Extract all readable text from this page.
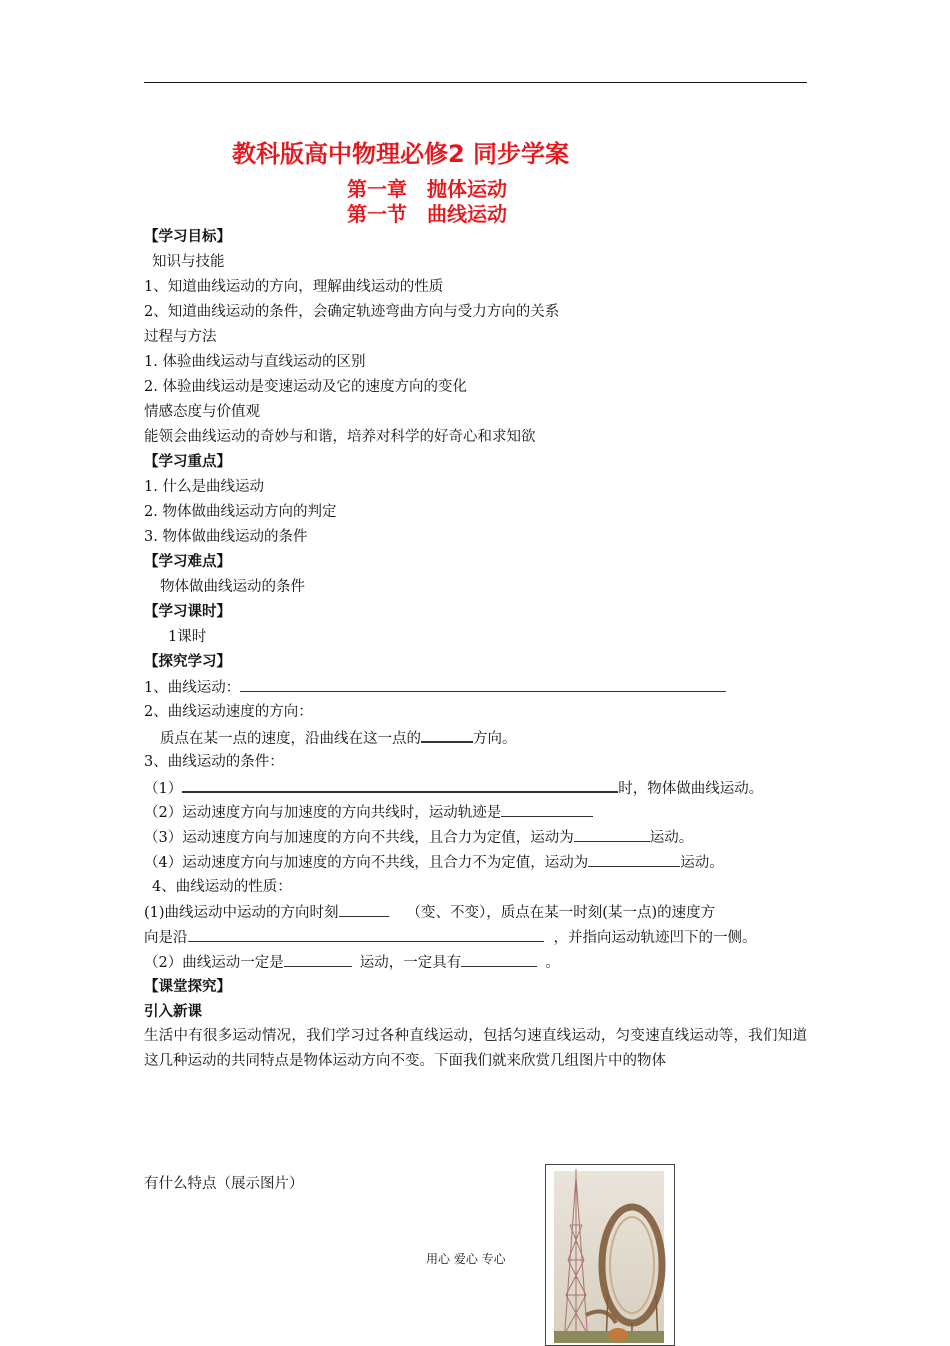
教科版高中物理必修2 同步学案
第一章　抛体运动
第一节　曲线运动
【学习目标】
知识与技能
1、知道曲线运动的方向，理解曲线运动的性质
2、知道曲线运动的条件，会确定轨迹弯曲方向与受力方向的关系
过程与方法
1. 体验曲线运动与直线运动的区别
2. 体验曲线运动是变速运动及它的速度方向的变化
情感态度与价值观
能领会曲线运动的奇妙与和谐，培养对科学的好奇心和求知欲
【学习重点】
1. 什么是曲线运动
2. 物体做曲线运动方向的判定
3. 物体做曲线运动的条件
【学习难点】
物体做曲线运动的条件
【学习课时】
1课时
【探究学习】
1、曲线运动：
2、曲线运动速度的方向：
质点在某一点的速度，沿曲线在这一点的	方向。
3、曲线运动的条件：
（1）	时，物体做曲线运动。
（2）运动速度方向与加速度的方向共线时，运动轨迹是
（3）运动速度方向与加速度的方向不共线，且合力为定值，运动为	运动。
（4）运动速度方向与加速度的方向不共线，且合力不为定值，运动为	运动。
4、曲线运动的性质：
(1)曲线运动中运动的方向时刻	（变、不变），质点在某一时刻(某一点)的速度方
向是沿	，并指向运动轨迹凹下的一侧。
（2）曲线运动一定是	运动，一定具有	。
【课堂探究】
引入新课
生活中有很多运动情况，我们学习过各种直线运动，包括匀速直线运动，匀变速直线运动等，我们知道这几种运动的共同特点是物体运动方向不变。下面我们就来欣赏几组图片中的物体
有什么特点（展示图片）
用心 爱心 专心
